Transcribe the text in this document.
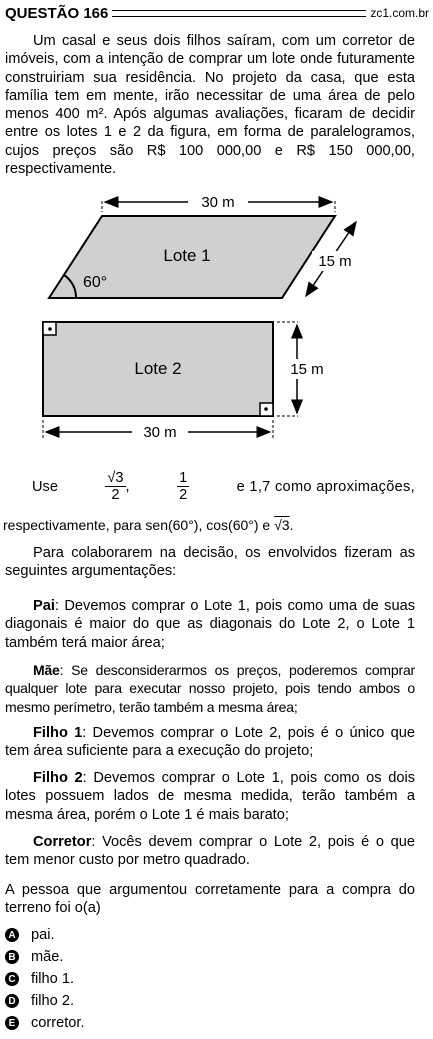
QUESTÃO 166	zc1.com.br

Um casal e seus dois filhos saíram, com um corretor de imóveis, com a intenção de comprar um lote onde futuramente construiriam sua residência. No projeto da casa, que esta família tem em mente, irão necessitar de uma área de pelo menos 400 m². Após algumas avaliações, ficaram de decidir entre os lotes 1 e 2 da figura, em forma de paralelogramos, cujos preços são R$ 100 000,00 e R$ 150 000,00, respectivamente.

30 m
15 m
Lote 1
60°
Lote 2	15 m
30 m
Use	$\frac{√3}{2}$ ,	$\frac{1}{2}$	e 1,7 como aproximações,

respectivamente, para sen(60°), cos(60°) e √3.

Para colaborarem na decisão, os envolvidos fizeram as seguintes argumentações:

Pai: Devemos comprar o Lote 1, pois como uma de suas diagonais é maior do que as diagonais do Lote 2, o Lote 1 também terá maior área;

Mãe: Se desconsiderarmos os preços, poderemos comprar qualquer lote para executar nosso projeto, pois tendo ambos o mesmo perímetro, terão também a mesma área;

Filho 1: Devemos comprar o Lote 2, pois é o único que tem área suficiente para a execução do projeto;

Filho 2: Devemos comprar o Lote 1, pois como os dois lotes possuem lados de mesma medida, terão também a mesma área, porém o Lote 1 é mais barato;

Corretor: Vocês devem comprar o Lote 2, pois é o que tem menor custo por metro quadrado.

A pessoa que argumentou corretamente para a compra do terreno foi o(a)

A pai.
B mãe.
C filho 1.
D filho 2.
E corretor.
